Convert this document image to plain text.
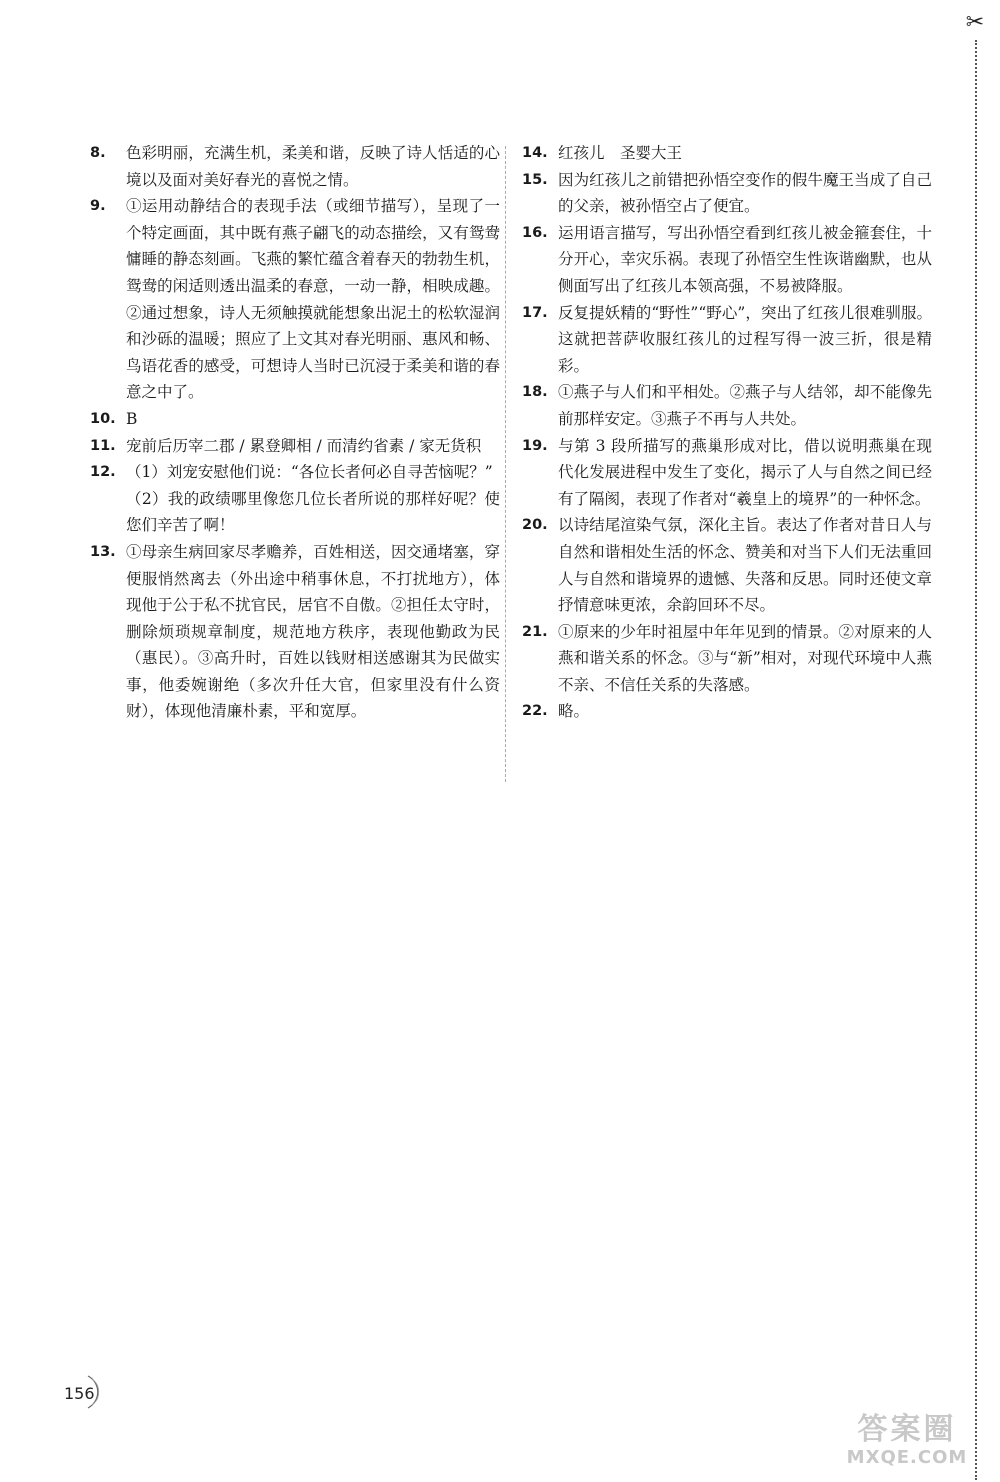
✂
8.	色彩明丽，充满生机，柔美和谐，反映了诗人恬适的心境以及面对美好春光的喜悦之情。
9.	①运用动静结合的表现手法（或细节描写），呈现了一个特定画面，其中既有燕子翩飞的动态描绘，又有鸳鸯慵睡的静态刻画。飞燕的繁忙蕴含着春天的勃勃生机，鸳鸯的闲适则透出温柔的春意，一动一静，相映成趣。②通过想象，诗人无须触摸就能想象出泥土的松软湿润和沙砾的温暖；照应了上文其对春光明丽、惠风和畅、鸟语花香的感受，可想诗人当时已沉浸于柔美和谐的春意之中了。
10. B
11. 宠前后历宰二郡 / 累登卿相 / 而清约省素 / 家无货积
12. （1）刘宠安慰他们说：“各位长者何必自寻苦恼呢？”
（2）我的政绩哪里像您几位长者所说的那样好呢？使您们辛苦了啊！
13. ①母亲生病回家尽孝赡养，百姓相送，因交通堵塞，穿便服悄然离去（外出途中稍事休息，不打扰地方），体现他于公于私不扰官民，居官不自傲。②担任太守时，删除烦琐规章制度，规范地方秩序，表现他勤政为民（惠民）。③高升时，百姓以钱财相送感谢其为民做实事，他委婉谢绝（多次升任大官，但家里没有什么资财），体现他清廉朴素，平和宽厚。
14. 红孩儿　圣婴大王
15. 因为红孩儿之前错把孙悟空变作的假牛魔王当成了自己的父亲，被孙悟空占了便宜。
16. 运用语言描写，写出孙悟空看到红孩儿被金箍套住，十分开心，幸灾乐祸。表现了孙悟空生性诙谐幽默，也从侧面写出了红孩儿本领高强，不易被降服。
17. 反复提妖精的“野性”“野心”，突出了红孩儿很难驯服。这就把菩萨收服红孩儿的过程写得一波三折，很是精彩。
18. ①燕子与人们和平相处。②燕子与人结邻，却不能像先前那样安定。③燕子不再与人共处。
19. 与第 3 段所描写的燕巢形成对比，借以说明燕巢在现代化发展进程中发生了变化，揭示了人与自然之间已经有了隔阂，表现了作者对“羲皇上的境界”的一种怀念。
20. 以诗结尾渲染气氛，深化主旨。表达了作者对昔日人与自然和谐相处生活的怀念、赞美和对当下人们无法重回人与自然和谐境界的遗憾、失落和反思。同时还使文章抒情意味更浓，余韵回环不尽。
21. ①原来的少年时祖屋中年年见到的情景。②对原来的人燕和谐关系的怀念。③与“新”相对，对现代环境中人燕不亲、不信任关系的失落感。
22. 略。
156
答案圈
MXQE.COM
